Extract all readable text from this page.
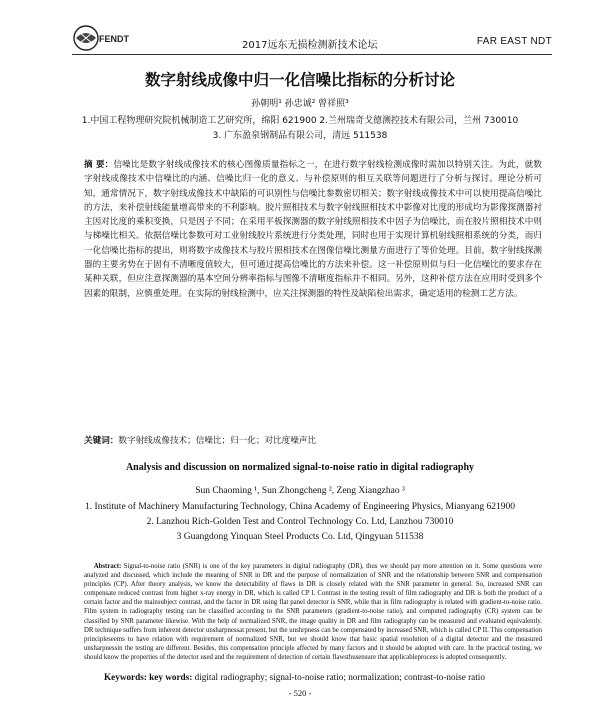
FENDT
2017远东无损检测新技术论坛	FAR EAST NDT
数字射线成像中归一化信噪比指标的分析讨论
孙朝明¹ 孙忠诚² 曾祥照³
1.中国工程物理研究院机械制造工艺研究所，绵阳 621900 2.兰州瑞奇戈德测控技术有限公司，兰州 730010
3. 广东盈泉钢制品有限公司，清远 511538

摘 要：信噪比是数字射线成像技术的核心图像质量指标之一，在进行数字射线检测成像时需加以特别关注。为此，就数字射线成像技术中信噪比的内涵、信噪比归一化的意义、与补偿原则的相互关联等问题进行了分析与探讨。理论分析可知，通常情况下，数字射线成像技术中缺陷的可识别性与信噪比参数密切相关；数字射线成像技术中可以使用提高信噪比的方法，来补偿射线能量增高带来的不利影响。胶片照相技术与数字射线照相技术中影像对比度的形成均为影像探测器衬主因对比度的乘积变换，只是因子不同；在采用平板探测器的数字射线照相技术中因子为信噪比，而在胶片照相技术中则与梯噪比相关。依据信噪比参数可对工业射线胶片系统进行分类处理，同时也用于实现计算机射线照相系统的分类，而归一化信噪比指标的提出，则将数字成像技术与胶片照相技术在图像信噪比测量方面进行了等价处理。目前，数字射线探测器的主要劣势在于固有不清晰度值较大，但可通过提高信噪比的方法来补偿。这一补偿原则似与归一化信噪比的要求存在某种关联，但应注意探测器的基本空间分辨率指标与图像不清晰度指标并不相同。另外，这种补偿方法在应用时受到多个因素的限制，应慎重处理。在实际的射线检测中，应关注探测器的特性及缺陷检出需求，确定适用的检测工艺方法。

关键词：数字射线成像技术；信噪比；归一化；对比度噪声比
Analysis and discussion on normalized signal-to-noise ratio in digital radiography
Sun Chaoming ¹, Sun Zhongcheng ², Zeng Xiangzhao ³
1. Institute of Machinery Manufacturing Technology, China Academy of Engineering Physics, Mianyang 621900
2. Lanzhou Rich-Golden Test and Control Technology Co. Ltd, Lanzhou 730010
3 Guangdong Yinquan Steel Products Co. Ltd, Qingyuan 511538

Abstract: Signal-to-noise ratio (SNR) is one of the key parameters in digital radiography (DR), thus we should pay more attention on it. Some questions were analyzed and discussed, which include the meaning of SNR in DR and the purpose of normalization of SNR and the relationship between SNR and compensation principles (CP). After theory analysis, we know the detectability of flaws in DR is closely related with the SNR parameter in general. So, increased SNR can compensate reduced contrast from higher x-ray energy in DR, which is called CP I. Contrast in the testing result of film radiography and DR is both the product of a certain factor and the mainsubject contrast, and the factor in DR using flat panel detector is SNR, while that in film radiography is related with gradient-to-noise ratio. Film system in radiography testing can be classified according to the SNR parameters (gradient-to-noise ratio), and computed radiography (CR) system can be classified by SNR parameter likewise. With the help of normalized SNR, the image quality in DR and film radiography can be measured and evaluated equivalently. DR technique suffers from inherent detector unsharpnessat present, but the unshrpness can be compensated by increased SNR, which is called CP II. This compensation principleseems to have relation with requirement of normalized SNR, but we should know that basic spatial resolution of a digital detector and the measured unsharpnessin the testing are different. Besides, this compensation principle affected by many factors and it should be adopted with care. In the practical testing, we should know the properties of the detector used and the requirement of detection of certain flawsthusensure that applicableprocess is adopted consequently.

Keywords: key words: digital radiography; signal-to-noise ratio; normalization; contrast-to-noise ratio
- 520 -
